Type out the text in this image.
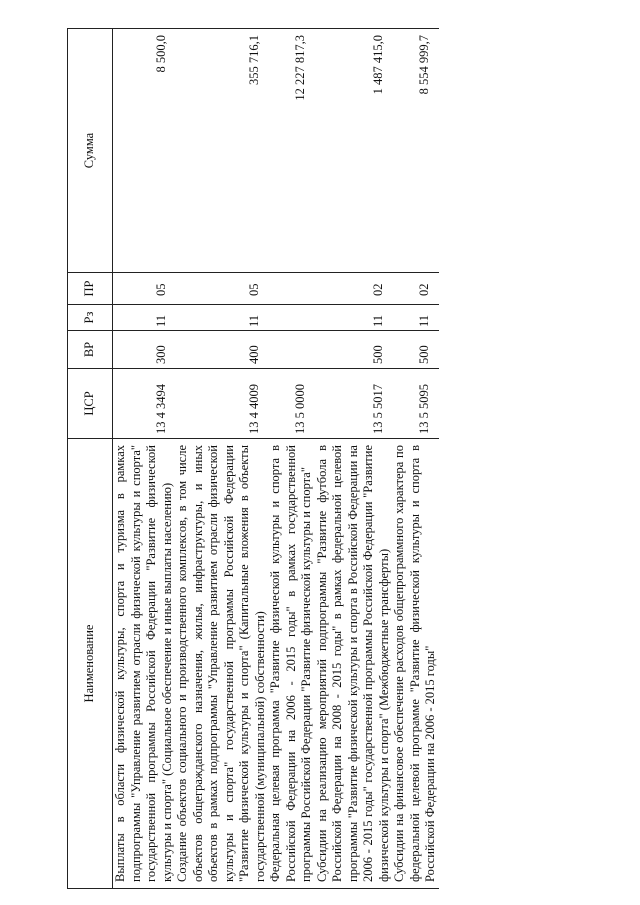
Наименование	ЦСР	ВР	Рз	ПР	Сумма
Выплаты в области физической культуры, спорта и туризма в рамках подпрограммы "Управление развитием отрасли физической культуры и спорта" государственной программы Российской Федерации "Развитие физической культуры и спорта" (Социальное обеспечение и иные выплаты населению)	13 4 3494	300	11	05	8 500,0
Создание объектов социального и производственного комплексов, в том числе объектов общегражданского назначения, жилья, инфраструктуры, и иных объектов в рамках подпрограммы "Управление развитием отрасли физической культуры и спорта" государственной программы Российской Федерации "Развитие физической культуры и спорта" (Капитальные вложения в объекты государственной (муниципальной) собственности)	13 4 4009	400	11	05	355 716,1
Федеральная целевая программа "Развитие физической культуры и спорта в Российской Федерации на 2006 - 2015 годы" в рамках государственной программы Российской Федерации "Развитие физической культуры и спорта"	13 5 0000				12 227 817,3
Субсидии на реализацию мероприятий подпрограммы "Развитие футбола в Российской Федерации на 2008 - 2015 годы" в рамках федеральной целевой программы "Развитие физической культуры и спорта в Российской Федерации на 2006 - 2015 годы" государственной программы Российской Федерации "Развитие физической культуры и спорта" (Межбюджетные трансферты)	13 5 5017	500	11	02	1 487 415,0
Субсидии на финансовое обеспечение расходов общепрограммного характера по федеральной целевой программе "Развитие физической культуры и спорта в Российской Федерации на 2006 - 2015 годы"	13 5 5095	500	11	02	8 554 999,7
